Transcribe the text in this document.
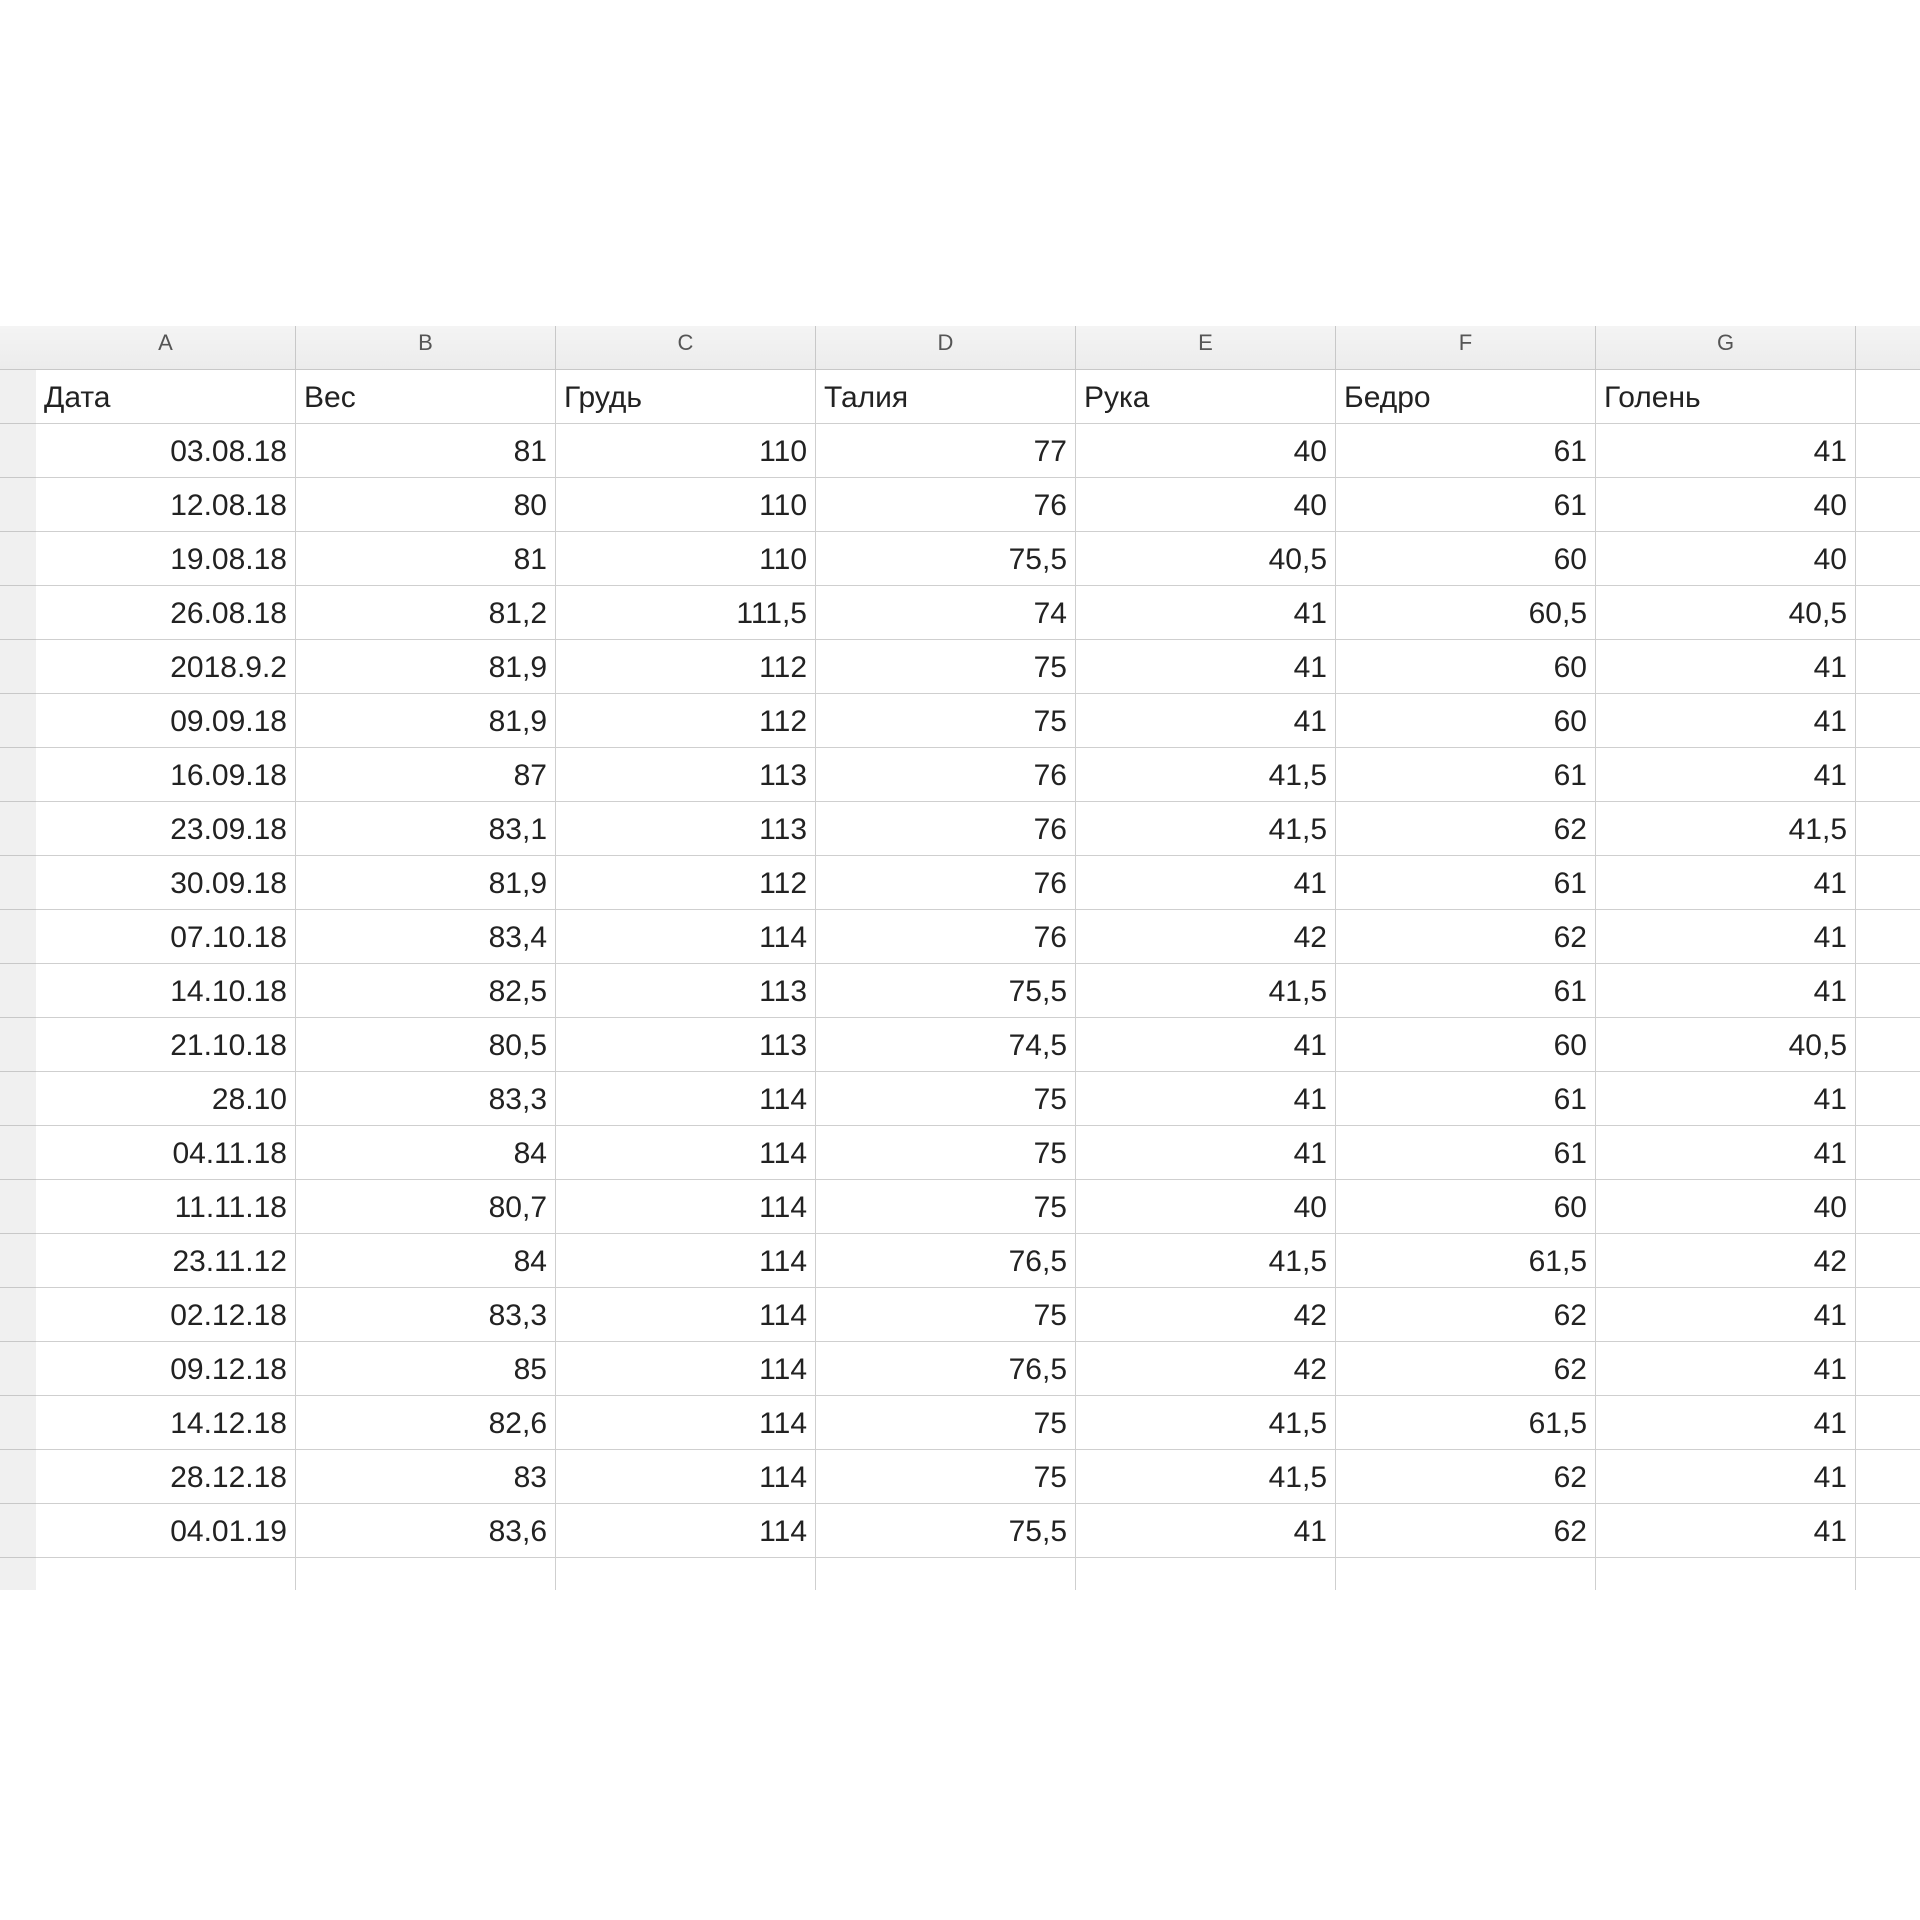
A	B	C	D	E	F	G
Дата	Вес	Грудь	Талия	Рука	Бедро	Голень
03.08.18	81	110	77	40	61	41
12.08.18	80	110	76	40	61	40
19.08.18	81	110	75,5	40,5	60	40
26.08.18	81,2	111,5	74	41	60,5	40,5
2018.9.2	81,9	112	75	41	60	41
09.09.18	81,9	112	75	41	60	41
16.09.18	87	113	76	41,5	61	41
23.09.18	83,1	113	76	41,5	62	41,5
30.09.18	81,9	112	76	41	61	41
07.10.18	83,4	114	76	42	62	41
14.10.18	82,5	113	75,5	41,5	61	41
21.10.18	80,5	113	74,5	41	60	40,5
28.10	83,3	114	75	41	61	41
04.11.18	84	114	75	41	61	41
11.11.18	80,7	114	75	40	60	40
23.11.12	84	114	76,5	41,5	61,5	42
02.12.18	83,3	114	75	42	62	41
09.12.18	85	114	76,5	42	62	41
14.12.18	82,6	114	75	41,5	61,5	41
28.12.18	83	114	75	41,5	62	41
04.01.19	83,6	114	75,5	41	62	41
